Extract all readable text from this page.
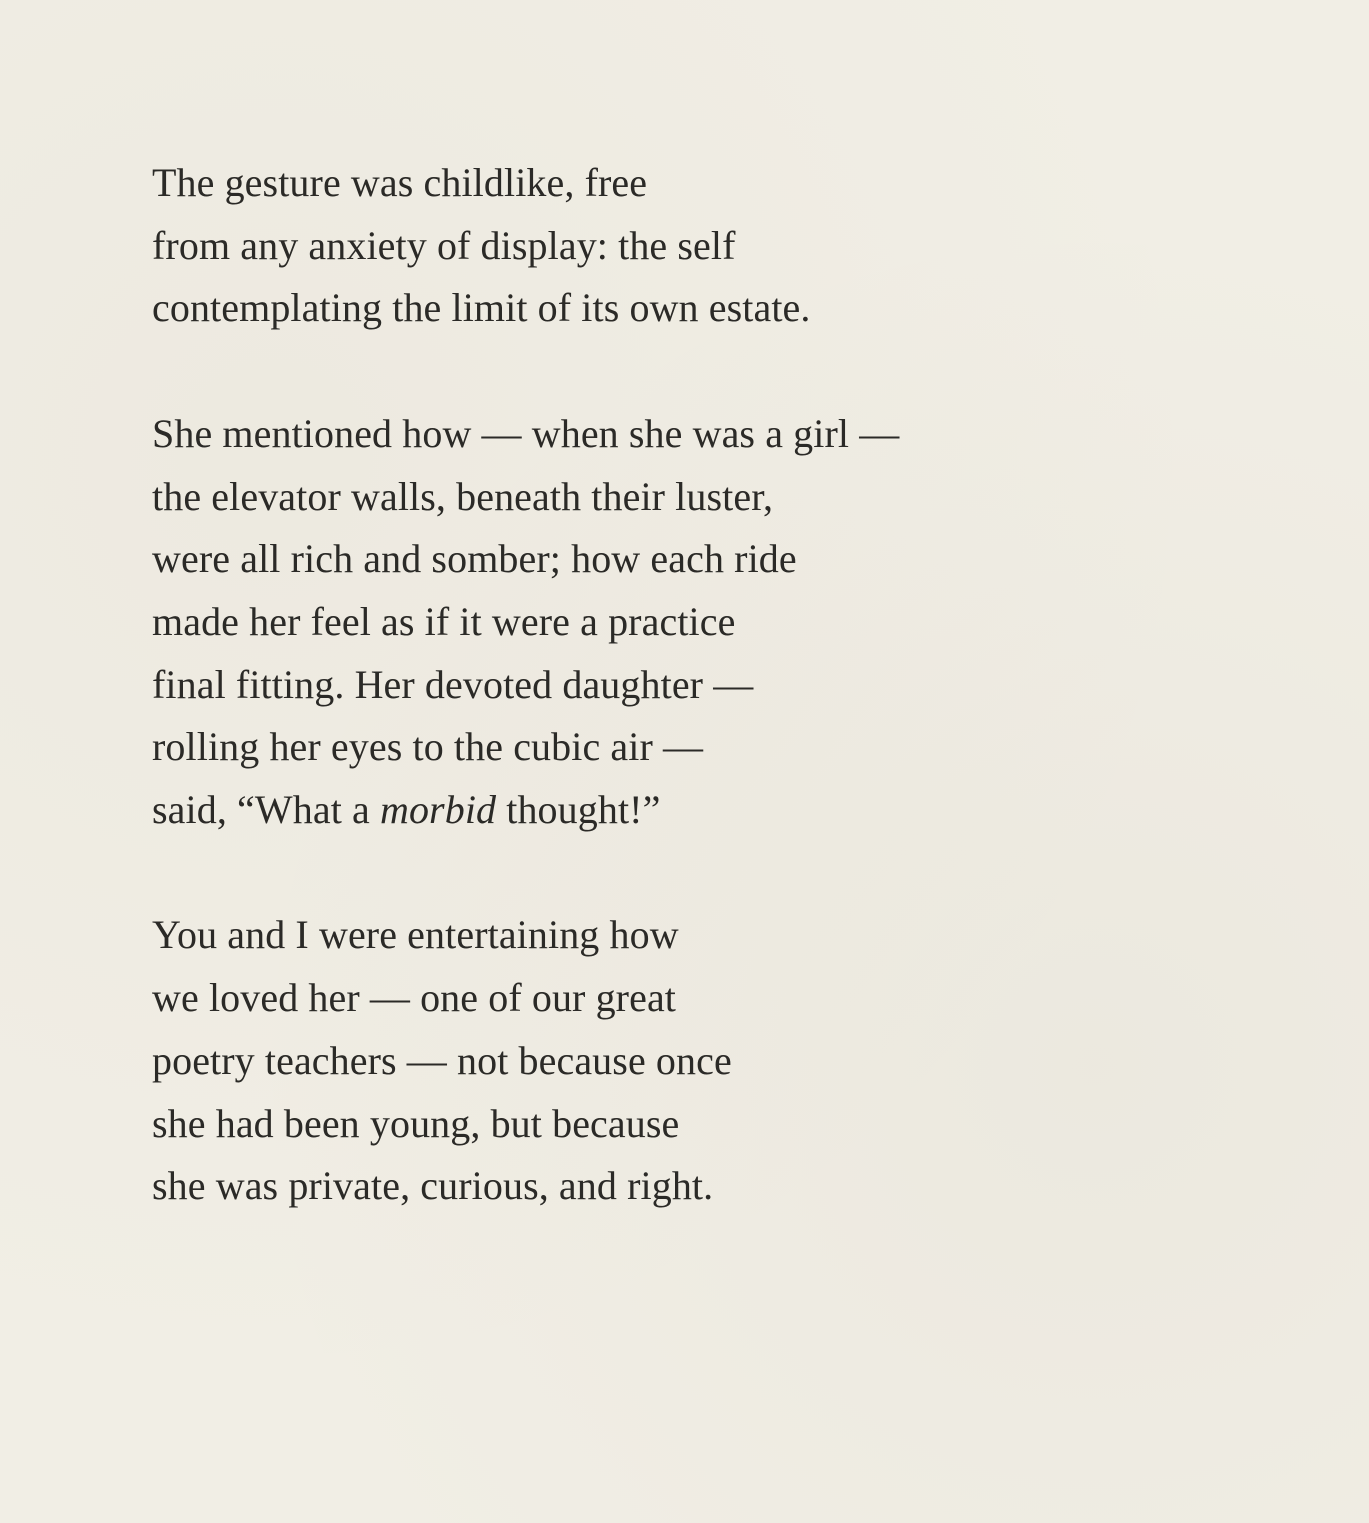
The gesture was childlike, free
from any anxiety of display: the self
contemplating the limit of its own estate.
She mentioned how — when she was a girl —
the elevator walls, beneath their luster,
were all rich and somber; how each ride
made her feel as if it were a practice
final fitting. Her devoted daughter —
rolling her eyes to the cubic air —
said, “What a morbid thought!”
You and I were entertaining how
we loved her — one of our great
poetry teachers — not because once
she had been young, but because
she was private, curious, and right.
